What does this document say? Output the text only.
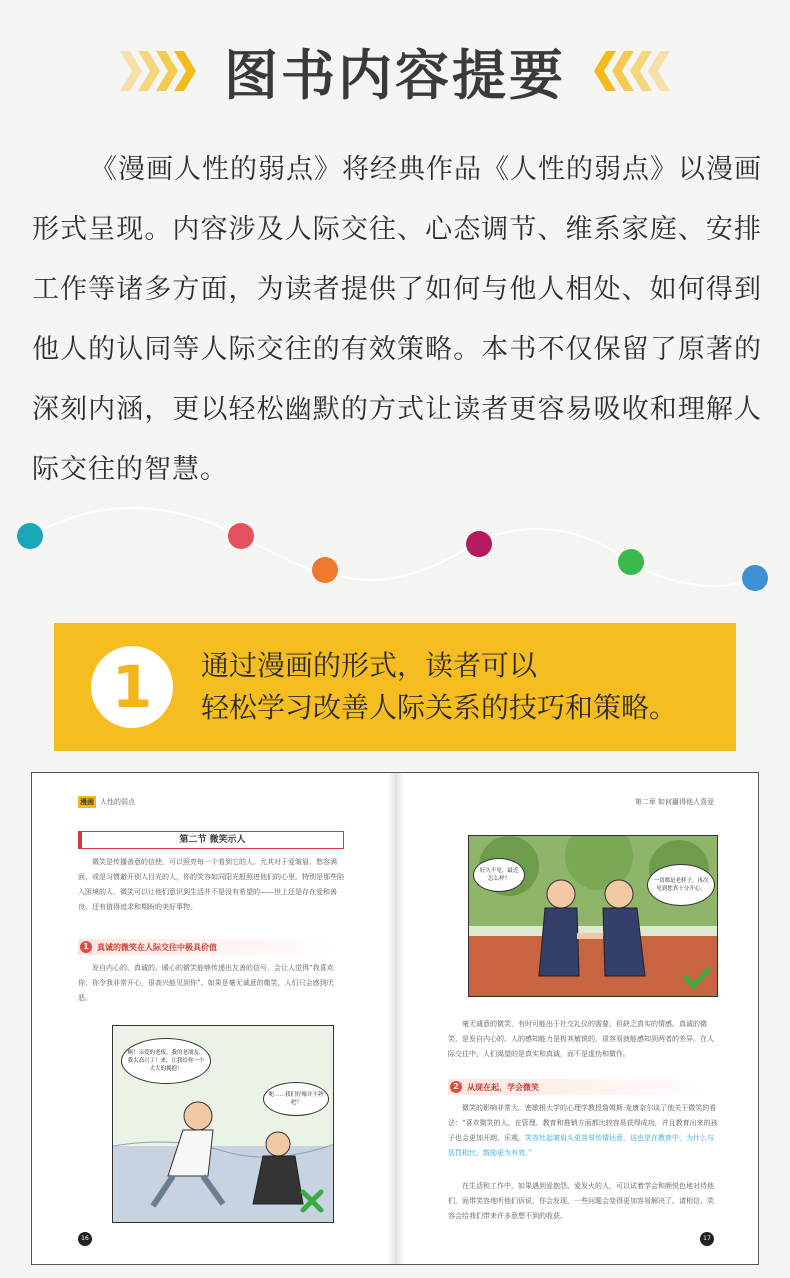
图书内容提要

《漫画人性的弱点》将经典作品《人性的弱点》以漫画形式呈现。内容涉及人际交往、心态调节、维系家庭、安排工作等诸多方面，为读者提供了如何与他人相处、如何得到他人的认同等人际交往的有效策略。本书不仅保留了原著的深刻内涵，更以轻松幽默的方式让读者更容易吸收和理解人际交往的智慧。

1	通过漫画的形式，读者可以
轻松学习改善人际关系的技巧和策略。
漫画 人性的弱点
第二节 微笑示人

微笑是传播善意的信使，可以照亮每一个看到它的人。尤其对于爱皱眉、愁容满面，或是习惯避开别人目光的人，你的笑容如同阳光般照进他们的心里。特别是那些陷入困境的人，微笑可以让他们意识到生活并不是没有希望的——世上还是存在爱和善良，还有值得追求和期盼的美好事物。

1	真诚的微笑在人际交往中极具价值

发自内心的、真诚的、暖心的微笑能够传递出友善的信号，会让人觉得“我喜欢你，你令我非常开心，很高兴能见到你”。如果是毫无诚意的微笑，人们只会感到厌恶。

啊！亲爱的老板，我的老朋友，我太高兴了！来，让我给你一个大大的拥抱！
呃……我们好像并不熟吧？
16
第二章 如何赢得他人喜爱
好久不见，最近怎么样？	一切都是老样子，再次见到您真十分开心。

毫无诚意的微笑，有时可能出于社交礼仪的需要，但缺乏真实的情感。真诚的微笑，是发自内心的。人的感知能力是极其敏锐的，很容易就能感知到两者的差异。在人际交往中，人们渴望的是真实和真诚，而不是虚伪和做作。

2	从现在起，学会微笑

微笑的影响非常大。密歇根大学的心理学教授詹姆斯·麦康奈尔谈了他关于微笑的看法：“喜欢微笑的人，在管理、教育和推销方面都比较容易获得成功，并且教育出来的孩子也会更加开朗、乐观。笑容比起皱眉头更容易传情达意，这也是在教育中，为什么与惩罚相比，鼓励更为有效。”

在生活和工作中，如果遇到爱抱怨、爱发火的人，可以试着学会和颜悦色地对待他们，面带笑容地听他们诉说，你会发现，一些问题会变得更加容易解决了。请相信，笑容会给我们带来许多意想不到的收获。

17
